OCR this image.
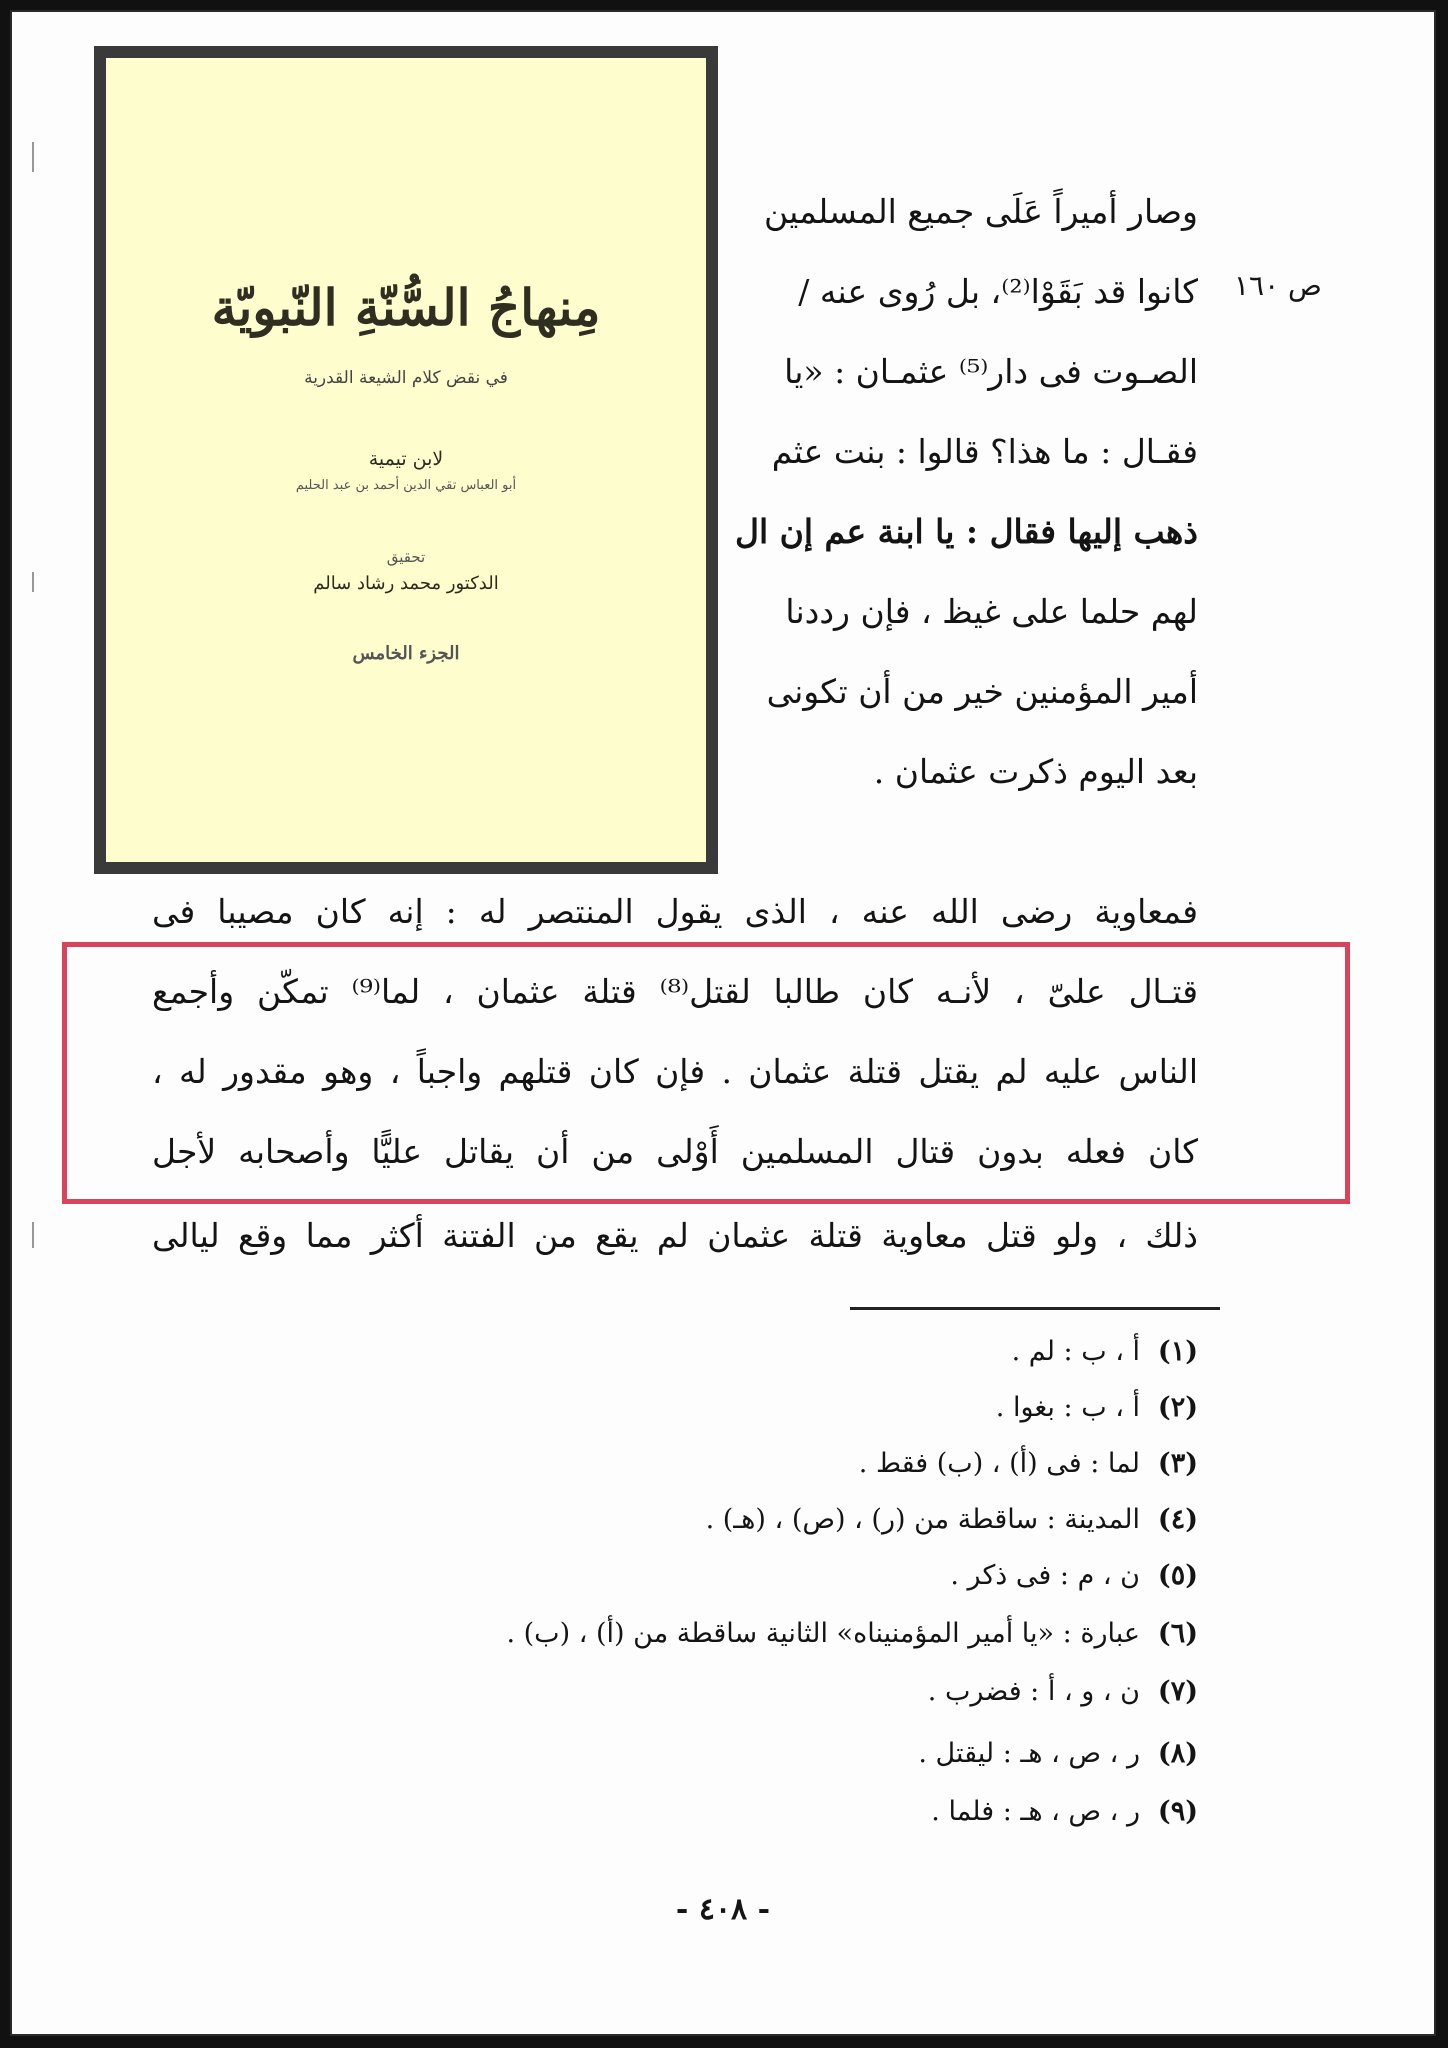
مِنهاجُ السُّنّةِ النّبويّة
في نقض كلام الشيعة القدرية
لابن تيمية
أبو العباس تقي الدين أحمد بن عبد الحليم
تحقيق
الدكتور محمد رشاد سالم
الجزء الخامس
ص ١٦٠
وصار أميراً عَلَى جميع المسلمين
كانوا قد بَقَوْا⁽²⁾، بل رُوى عنه /
الصـوت فى دار⁽⁵⁾ عثمـان : «يا
فقـال : ما هذا؟ قالوا : بنت عثم
ذهب إليها فقال : يا ابنة عم إن ال
لهم حلما على غيظ ، فإن رددنا
أمير المؤمنين خير من أن تكونى
بعد اليوم ذكرت عثمان .
فمعاوية رضى الله عنه ، الذى يقول المنتصر له : إنه كان مصيبا فى
قتـال علىّ ، لأنـه كان طالبا لقتل⁽⁸⁾ قتلة عثمان ، لما⁽⁹⁾ تمكّن وأجمع
الناس عليه لم يقتل قتلة عثمان . فإن كان قتلهم واجباً ، وهو مقدور له ،
كان فعله بدون قتال المسلمين أَوْلى من أن يقاتل عليًّا وأصحابه لأجل
ذلك ، ولو قتل معاوية قتلة عثمان لم يقع من الفتنة أكثر مما وقع ليالى
(١)أ ، ب : لم .
(٢)أ ، ب : بغوا .
(٣)لما : فى (أ) ، (ب) فقط .
(٤)المدينة : ساقطة من (ر) ، (ص) ، (هـ) .
(٥)ن ، م : فى ذكر .
(٦)عبارة : «يا أمير المؤمنيناه» الثانية ساقطة من (أ) ، (ب) .
(٧)ن ، و ، أ : فضرب .
(٨)ر ، ص ، هـ : ليقتل .
(٩)ر ، ص ، هـ : فلما .
- ٤٠٨ -
